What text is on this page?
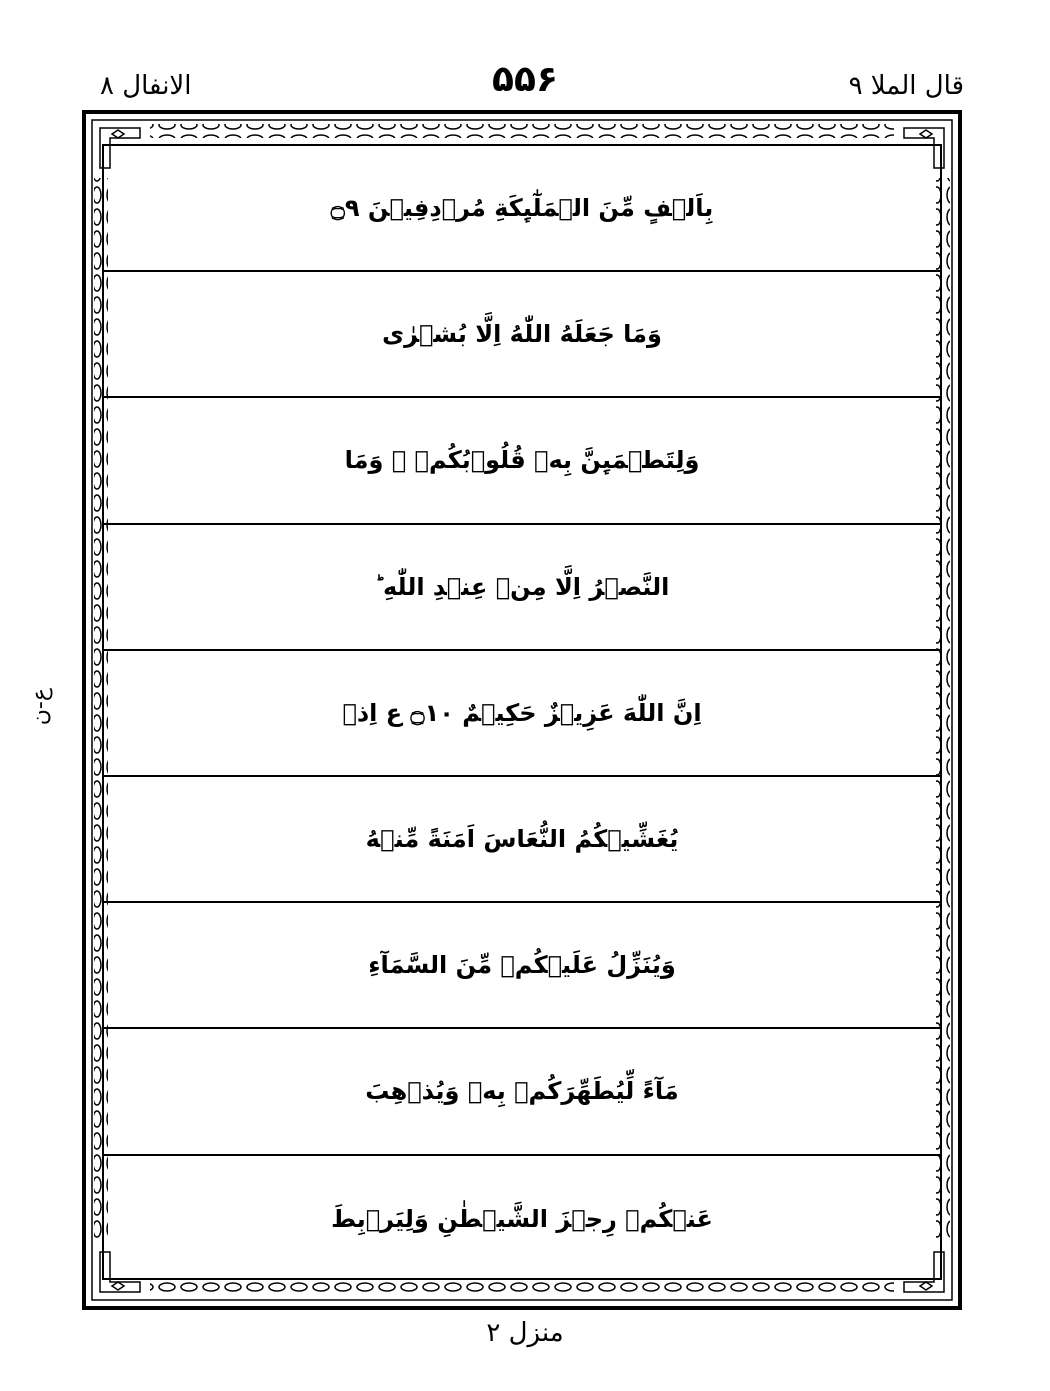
قال الملا ۹
۵۵۶
الانفال ۸
ع-ن
بِاَلۡفٍ مِّنَ الۡمَلٰٓٮِٕكَةِ مُرۡدِفِيۡنَ ۝۹
وَمَا جَعَلَهُ اللّٰهُ اِلَّا بُشۡرٰى
وَلِتَطۡمَٮِٕنَّ بِهٖ قُلُوۡبُكُمۡ ۚ وَمَا
النَّصۡرُ اِلَّا مِنۡ عِنۡدِ اللّٰهِ ؕ
اِنَّ اللّٰهَ عَزِيۡزٌ حَكِيۡمٌ ۝۱۰ ع اِذۡ
يُغَشِّيۡكُمُ النُّعَاسَ اَمَنَةً مِّنۡهُ
وَيُنَزِّلُ عَلَيۡكُمۡ مِّنَ السَّمَآءِ
مَآءً لِّيُطَهِّرَكُمۡ بِهٖ وَيُذۡهِبَ
عَنۡكُمۡ رِجۡزَ الشَّيۡطٰنِ وَلِيَرۡبِطَ
منزل ۲
